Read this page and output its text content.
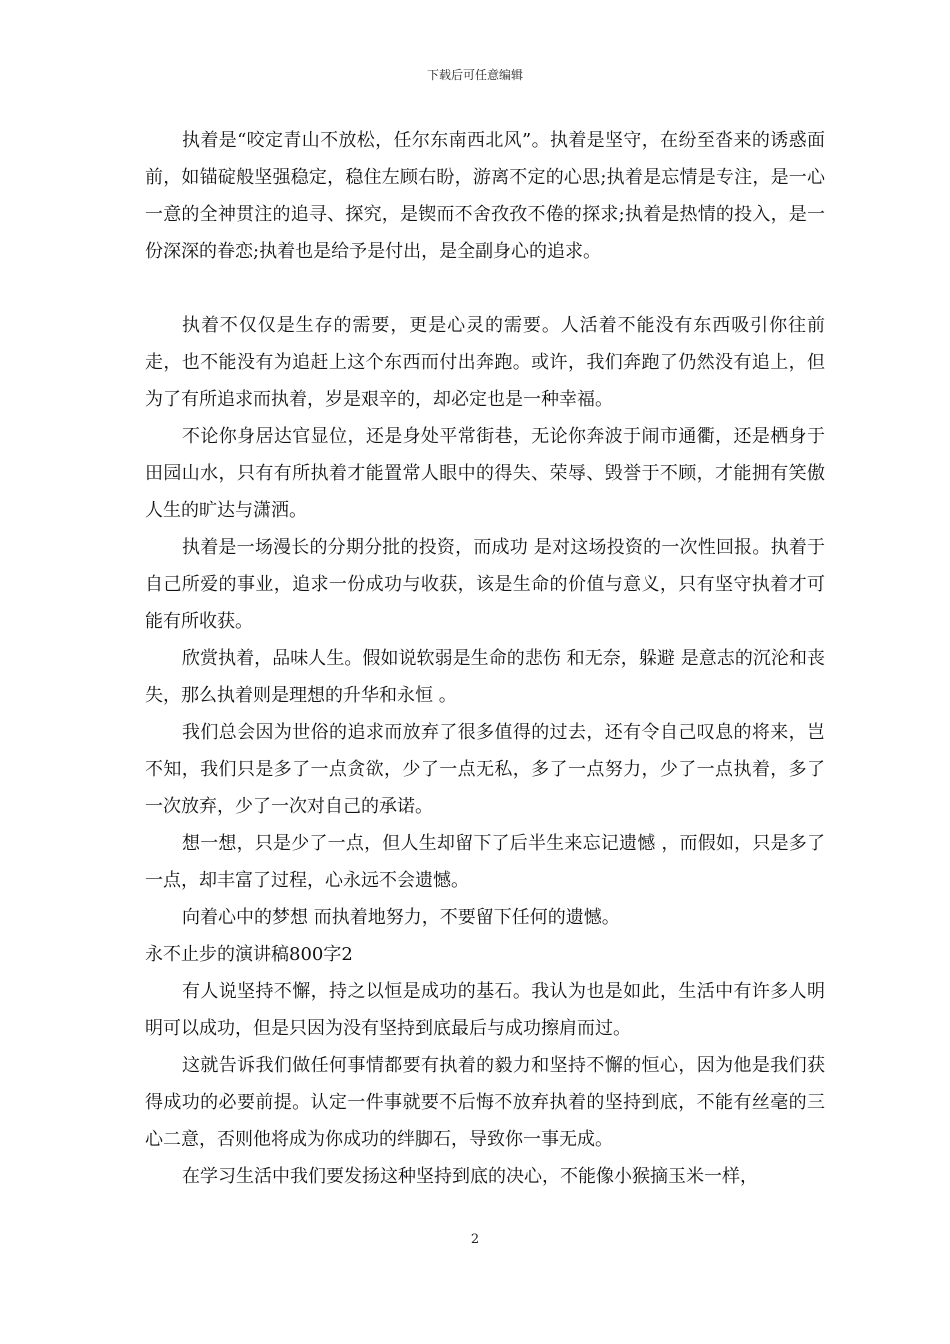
下载后可任意编辑

执着是“咬定青山不放松，任尔东南西北风”。执着是坚守，在纷至沓来的诱惑面前，如锚碇般坚强稳定，稳住左顾右盼，游离不定的心思;执着是忘情是专注，是一心一意的全神贯注的追寻、探究，是锲而不舍孜孜不倦的探求;执着是热情的投入，是一份深深的眷恋;执着也是给予是付出，是全副身心的追求。

执着不仅仅是生存的需要，更是心灵的需要。人活着不能没有东西吸引你往前走，也不能没有为追赶上这个东西而付出奔跑。或许，我们奔跑了仍然没有追上，但为了有所追求而执着，岁是艰辛的，却必定也是一种幸福。

不论你身居达官显位，还是身处平常街巷，无论你奔波于闹市通衢，还是栖身于田园山水，只有有所执着才能置常人眼中的得失、荣辱、毁誉于不顾，才能拥有笑傲人生的旷达与潇洒。

执着是一场漫长的分期分批的投资，而成功 是对这场投资的一次性回报。执着于自己所爱的事业，追求一份成功与收获，该是生命的价值与意义，只有坚守执着才可能有所收获。

欣赏执着，品味人生。假如说软弱是生命的悲伤 和无奈，躲避 是意志的沉沦和丧失，那么执着则是理想的升华和永恒 。

我们总会因为世俗的追求而放弃了很多值得的过去，还有令自己叹息的将来，岂不知，我们只是多了一点贪欲，少了一点无私，多了一点努力，少了一点执着，多了一次放弃，少了一次对自己的承诺。

想一想，只是少了一点，但人生却留下了后半生来忘记遗憾 ，而假如，只是多了一点，却丰富了过程，心永远不会遗憾。

向着心中的梦想 而执着地努力，不要留下任何的遗憾。

永不止步的演讲稿800字2

有人说坚持不懈，持之以恒是成功的基石。我认为也是如此，生活中有许多人明明可以成功，但是只因为没有坚持到底最后与成功擦肩而过。

这就告诉我们做任何事情都要有执着的毅力和坚持不懈的恒心，因为他是我们获得成功的必要前提。认定一件事就要不后悔不放弃执着的坚持到底，不能有丝毫的三心二意，否则他将成为你成功的绊脚石，导致你一事无成。

在学习生活中我们要发扬这种坚持到底的决心，不能像小猴摘玉米一样，

2
